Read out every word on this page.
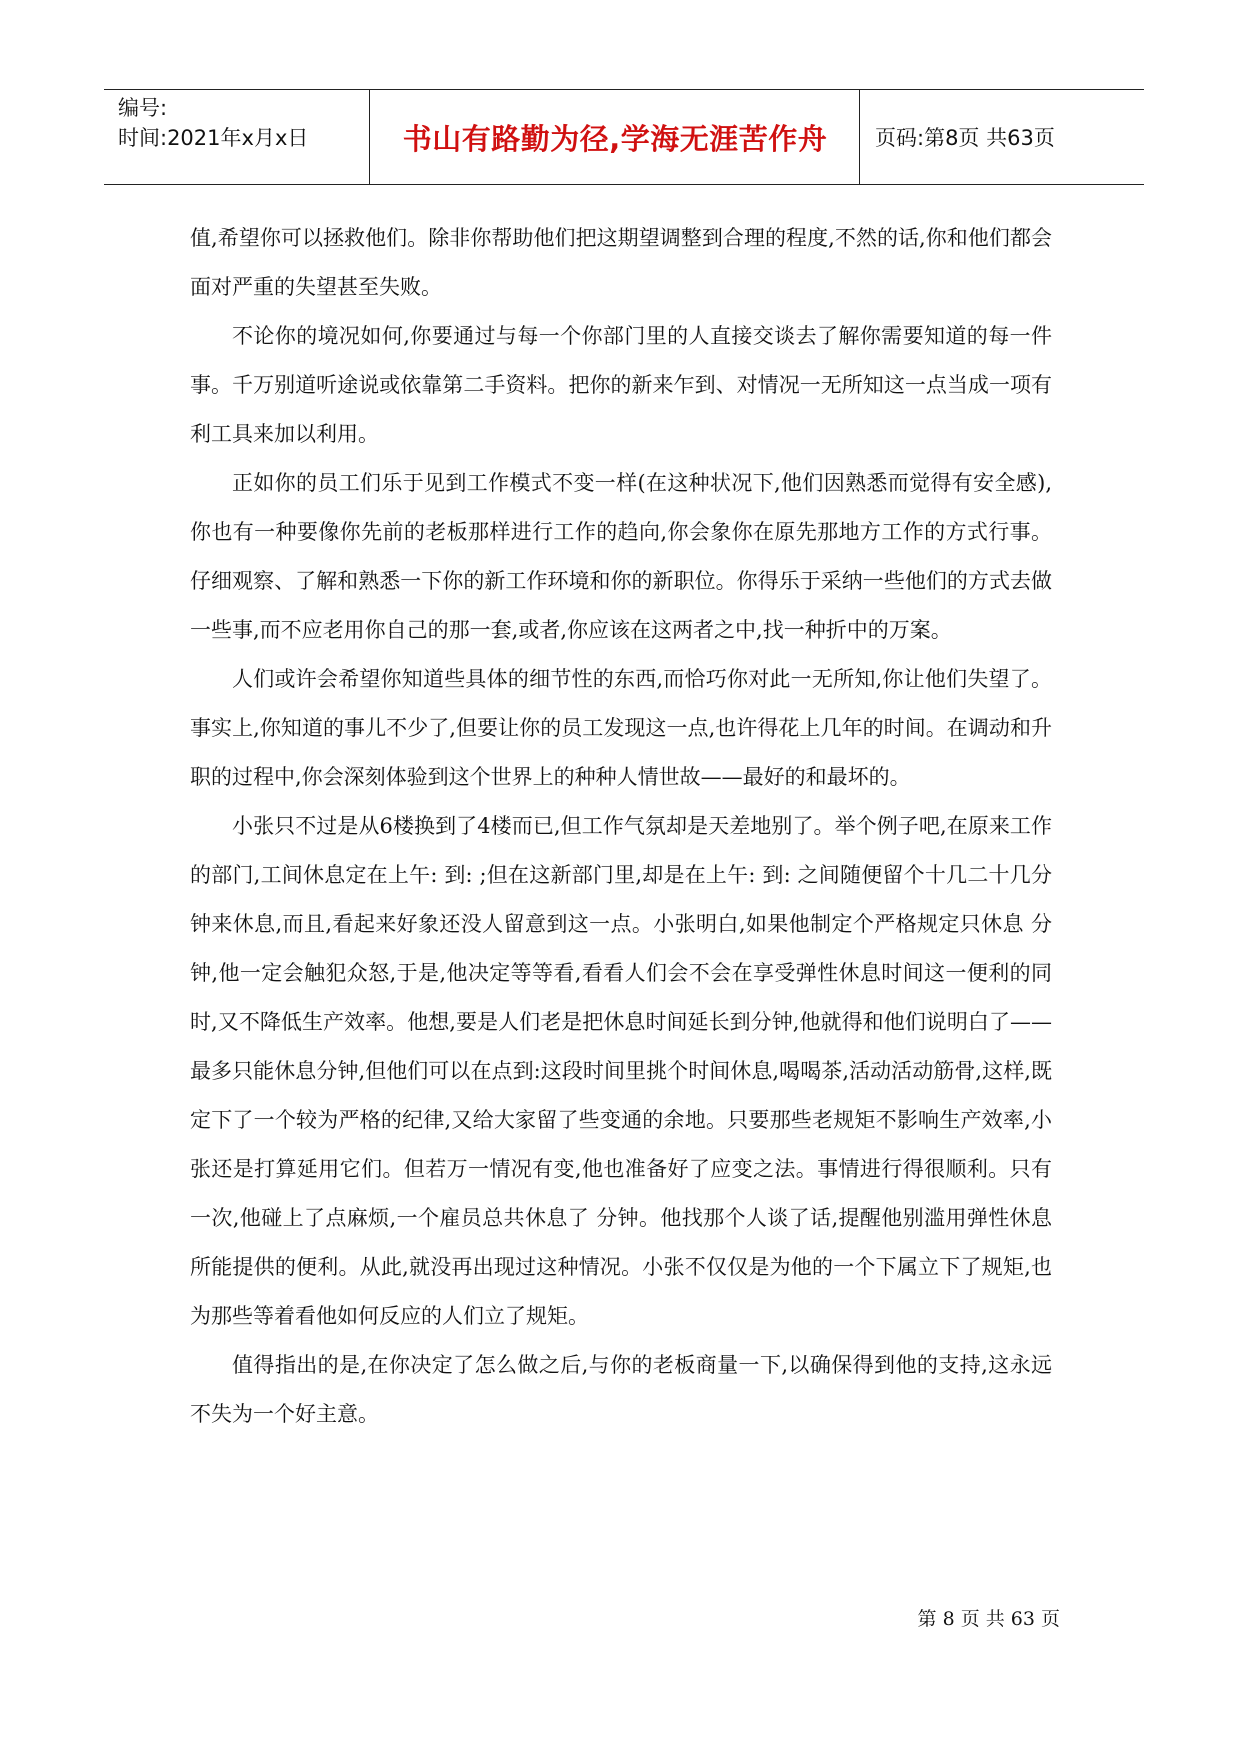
编号:
时间:2021年x月x日	书山有路勤为径,学海无涯苦作舟	页码:第8页 共63页

值,希望你可以拯救他们。除非你帮助他们把这期望调整到合理的程度,不然的话,你和他们都会面对严重的失望甚至失败。

不论你的境况如何,你要通过与每一个你部门里的人直接交谈去了解你需要知道的每一件事。千万别道听途说或依靠第二手资料。把你的新来乍到、对情况一无所知这一点当成一项有利工具来加以利用。

正如你的员工们乐于见到工作模式不变一样(在这种状况下,他们因熟悉而觉得有安全感),你也有一种要像你先前的老板那样进行工作的趋向,你会象你在原先那地方工作的方式行事。仔细观察、了解和熟悉一下你的新工作环境和你的新职位。你得乐于采纳一些他们的方式去做一些事,而不应老用你自己的那一套,或者,你应该在这两者之中,找一种折中的万案。

人们或许会希望你知道些具体的细节性的东西,而恰巧你对此一无所知,你让他们失望了。事实上,你知道的事儿不少了,但要让你的员工发现这一点,也许得花上几年的时间。在调动和升职的过程中,你会深刻体验到这个世界上的种种人情世故——最好的和最坏的。

小张只不过是从6楼换到了4楼而已,但工作气氛却是天差地别了。举个例子吧,在原来工作的部门,工间休息定在上午: 到: ;但在这新部门里,却是在上午: 到: 之间随便留个十几二十几分钟来休息,而且,看起来好象还没人留意到这一点。小张明白,如果他制定个严格规定只休息 分钟,他一定会触犯众怒,于是,他决定等等看,看看人们会不会在享受弹性休息时间这一便利的同时,又不降低生产效率。他想,要是人们老是把休息时间延长到分钟,他就得和他们说明白了——最多只能休息分钟,但他们可以在点到:这段时间里挑个时间休息,喝喝茶,活动活动筋骨,这样,既定下了一个较为严格的纪律,又给大家留了些变通的余地。只要那些老规矩不影响生产效率,小张还是打算延用它们。但若万一情况有变,他也准备好了应变之法。事情进行得很顺利。只有一次,他碰上了点麻烦,一个雇员总共休息了 分钟。他找那个人谈了话,提醒他别滥用弹性休息所能提供的便利。从此,就没再出现过这种情况。小张不仅仅是为他的一个下属立下了规矩,也为那些等着看他如何反应的人们立了规矩。

值得指出的是,在你决定了怎么做之后,与你的老板商量一下,以确保得到他的支持,这永远不失为一个好主意。

第 8 页 共 63 页
